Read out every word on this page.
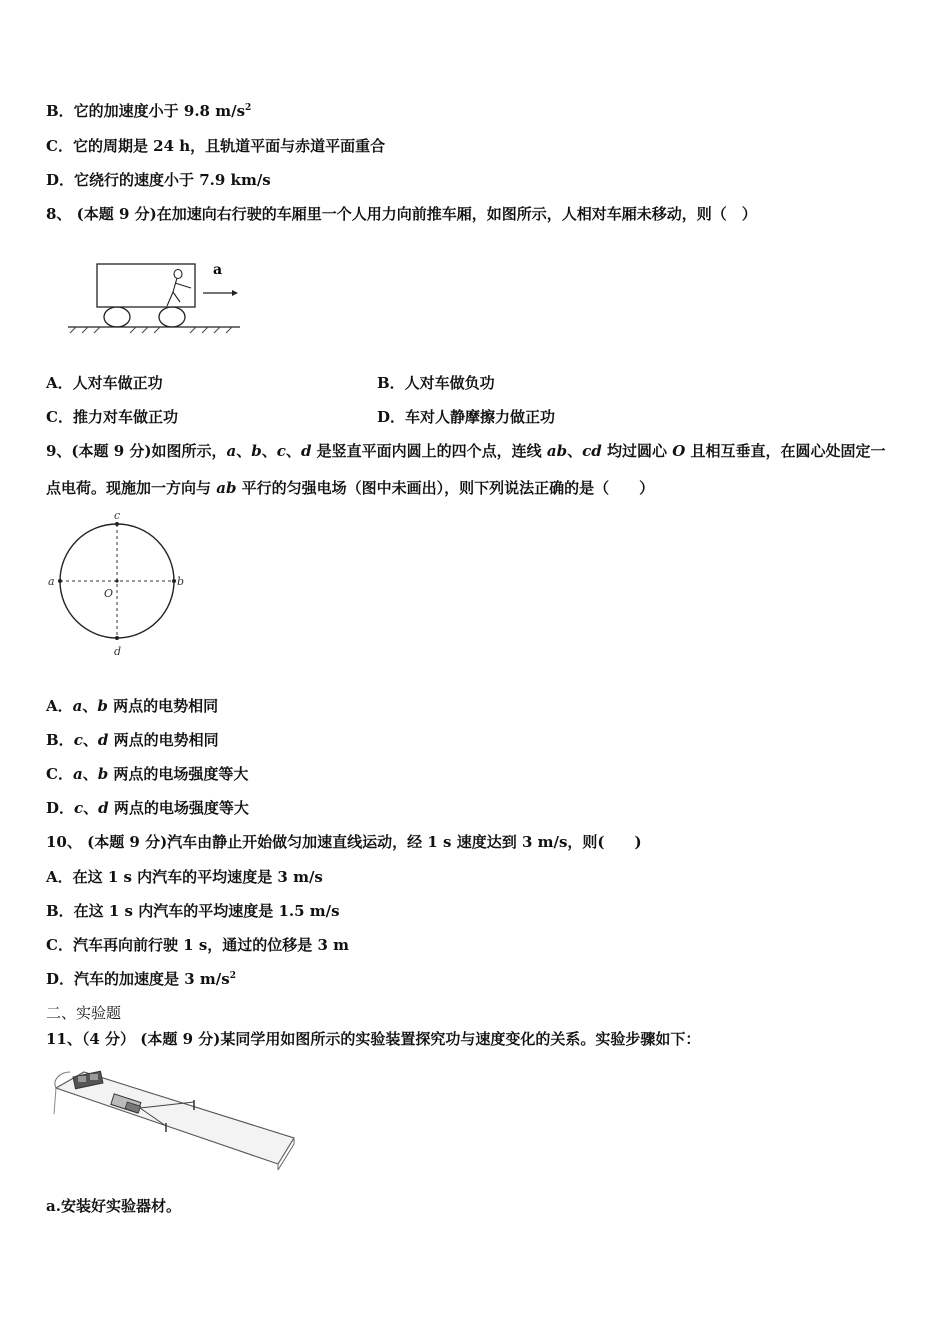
B．它的加速度小于 9.8 $m/s^2$
C．它的周期是 24 h，且轨道平面与赤道平面重合
D．它绕行的速度小于 7.9 km/s
8、 (本题 9 分)在加速向右行驶的车厢里一个人用力向前推车厢，如图所示，人相对车厢未移动，则（　）
a
A．人对车做正功	B．人对车做负功
C．推力对车做正功	D．车对人静摩擦力做正功
9、(本题 9 分)如图所示，a、b、c、d 是竖直平面内圆上的四个点，连线 ab、cd 均过圆心 O 且相互垂直，在圆心处固定一
点电荷。现施加一方向与 ab 平行的匀强电场（图中未画出），则下列说法正确的是（　　）
a	b
c
d
O
A．a、b 两点的电势相同
B．c、d 两点的电势相同
C．a、b 两点的电场强度等大
D．c、d 两点的电场强度等大
10、 (本题 9 分)汽车由静止开始做匀加速直线运动，经 1 s 速度达到 3 m/s，则(　　)
A．在这 1 s 内汽车的平均速度是 3 m/s
B．在这 1 s 内汽车的平均速度是 1.5 m/s
C．汽车再向前行驶 1 s，通过的位移是 3 m
D．汽车的加速度是 3 $m/s^2$
二、实验题
11、（4 分） (本题 9 分)某同学用如图所示的实验装置探究功与速度变化的关系。实验步骤如下：
a.安装好实验器材。
